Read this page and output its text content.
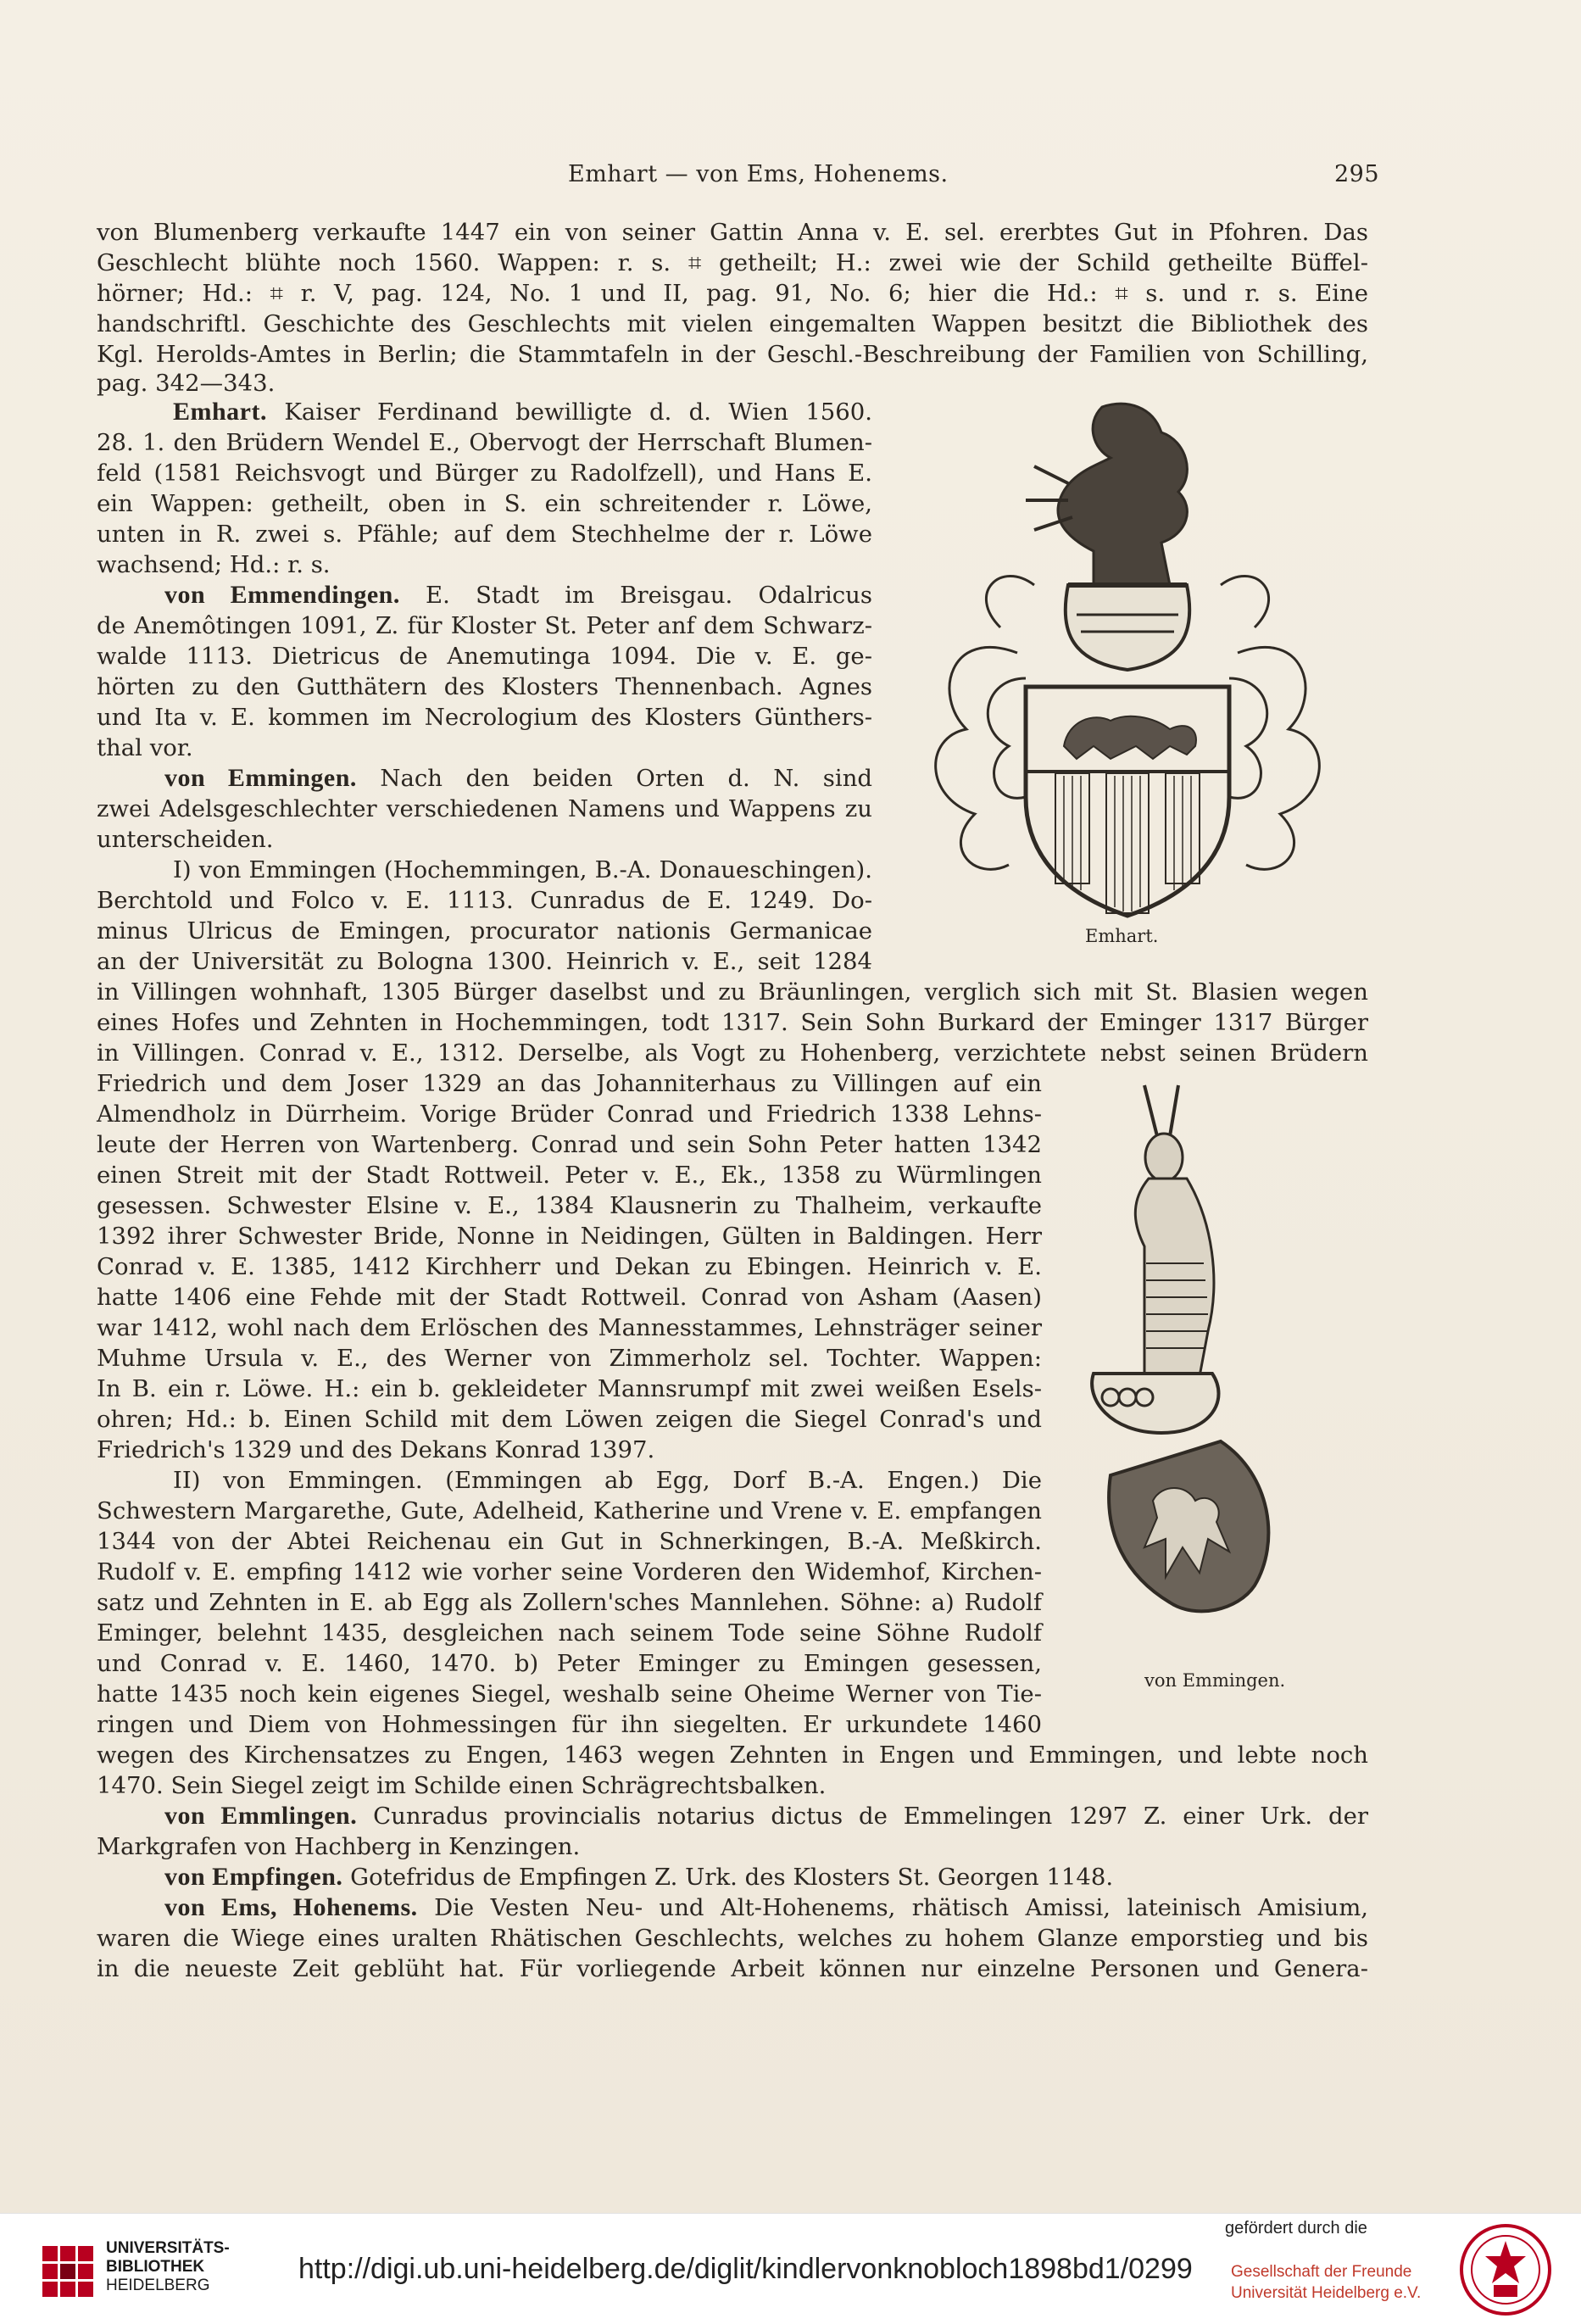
Emhart — von Ems, Hohenems.	295
von Blumenberg verkaufte 1447 ein von seiner Gattin Anna v. E. sel. ererbtes Gut in Pfohren. Das
Geschlecht blühte noch 1560. Wappen: r. s. ⌗ getheilt; H.: zwei wie der Schild getheilte Büffel-
hörner; Hd.: ⌗ r. V, pag. 124, No. 1 und II, pag. 91, No. 6; hier die Hd.: ⌗ s. und r. s. Eine
handschriftl. Geschichte des Geschlechts mit vielen eingemalten Wappen besitzt die Bibliothek des
Kgl. Herolds-Amtes in Berlin; die Stammtafeln in der Geschl.-Beschreibung der Familien von Schilling,
pag. 342—343.
Emhart. Kaiser Ferdinand bewilligte d. d. Wien 1560.
28. 1. den Brüdern Wendel E., Obervogt der Herrschaft Blumen-
feld (1581 Reichsvogt und Bürger zu Radolfzell), und Hans E.
ein Wappen: getheilt, oben in S. ein schreitender r. Löwe,
unten in R. zwei s. Pfähle; auf dem Stechhelme der r. Löwe
wachsend; Hd.: r. s.
von Emmendingen. E. Stadt im Breisgau. Odalricus
de Anemôtingen 1091, Z. für Kloster St. Peter anf dem Schwarz-
walde 1113. Dietricus de Anemutinga 1094. Die v. E. ge-
hörten zu den Gutthätern des Klosters Thennenbach. Agnes
und Ita v. E. kommen im Necrologium des Klosters Günthers-
thal vor.
von Emmingen. Nach den beiden Orten d. N. sind
zwei Adelsgeschlechter verschiedenen Namens und Wappens zu
unterscheiden.
I) von Emmingen (Hochemmingen, B.-A. Donaueschingen).
Berchtold und Folco v. E. 1113. Cunradus de E. 1249. Do-
minus Ulricus de Emingen, procurator nationis Germanicae
an der Universität zu Bologna 1300. Heinrich v. E., seit 1284
in Villingen wohnhaft, 1305 Bürger daselbst und zu Bräunlingen, verglich sich mit St. Blasien wegen
eines Hofes und Zehnten in Hochemmingen, todt 1317. Sein Sohn Burkard der Eminger 1317 Bürger
in Villingen. Conrad v. E., 1312. Derselbe, als Vogt zu Hohenberg, verzichtete nebst seinen Brüdern
Friedrich und dem Joser 1329 an das Johanniterhaus zu Villingen auf ein
Almendholz in Dürrheim. Vorige Brüder Conrad und Friedrich 1338 Lehns-
leute der Herren von Wartenberg. Conrad und sein Sohn Peter hatten 1342
einen Streit mit der Stadt Rottweil. Peter v. E., Ek., 1358 zu Würmlingen
gesessen. Schwester Elsine v. E., 1384 Klausnerin zu Thalheim, verkaufte
1392 ihrer Schwester Bride, Nonne in Neidingen, Gülten in Baldingen. Herr
Conrad v. E. 1385, 1412 Kirchherr und Dekan zu Ebingen. Heinrich v. E.
hatte 1406 eine Fehde mit der Stadt Rottweil. Conrad von Asham (Aasen)
war 1412, wohl nach dem Erlöschen des Mannesstammes, Lehnsträger seiner
Muhme Ursula v. E., des Werner von Zimmerholz sel. Tochter. Wappen:
In B. ein r. Löwe. H.: ein b. gekleideter Mannsrumpf mit zwei weißen Esels-
ohren; Hd.: b. Einen Schild mit dem Löwen zeigen die Siegel Conrad's und
Friedrich's 1329 und des Dekans Konrad 1397.
II) von Emmingen. (Emmingen ab Egg, Dorf B.-A. Engen.) Die
Schwestern Margarethe, Gute, Adelheid, Katherine und Vrene v. E. empfangen
1344 von der Abtei Reichenau ein Gut in Schnerkingen, B.-A. Meßkirch.
Rudolf v. E. empfing 1412 wie vorher seine Vorderen den Widemhof, Kirchen-
satz und Zehnten in E. ab Egg als Zollern'sches Mannlehen. Söhne: a) Rudolf
Eminger, belehnt 1435, desgleichen nach seinem Tode seine Söhne Rudolf
und Conrad v. E. 1460, 1470. b) Peter Eminger zu Emingen gesessen,
hatte 1435 noch kein eigenes Siegel, weshalb seine Oheime Werner von Tie-
ringen und Diem von Hohmessingen für ihn siegelten. Er urkundete 1460
wegen des Kirchensatzes zu Engen, 1463 wegen Zehnten in Engen und Emmingen, und lebte noch
1470. Sein Siegel zeigt im Schilde einen Schrägrechtsbalken.
von Emmlingen. Cunradus provincialis notarius dictus de Emmelingen 1297 Z. einer Urk. der
Markgrafen von Hachberg in Kenzingen.
von Empfingen. Gotefridus de Empfingen Z. Urk. des Klosters St. Georgen 1148.
von Ems, Hohenems. Die Vesten Neu- und Alt-Hohenems, rhätisch Amissi, lateinisch Amisium,
waren die Wiege eines uralten Rhätischen Geschlechts, welches zu hohem Glanze emporstieg und bis
in die neueste Zeit geblüht hat. Für vorliegende Arbeit können nur einzelne Personen und Genera-
Emhart.
von Emmingen.
UNIVERSITÄTS-
BIBLIOTHEK
HEIDELBERG
http://digi.ub.uni-heidelberg.de/diglit/kindlervonknobloch1898bd1/0299
gefördert durch die
Gesellschaft der Freunde
Universität Heidelberg e.V.
